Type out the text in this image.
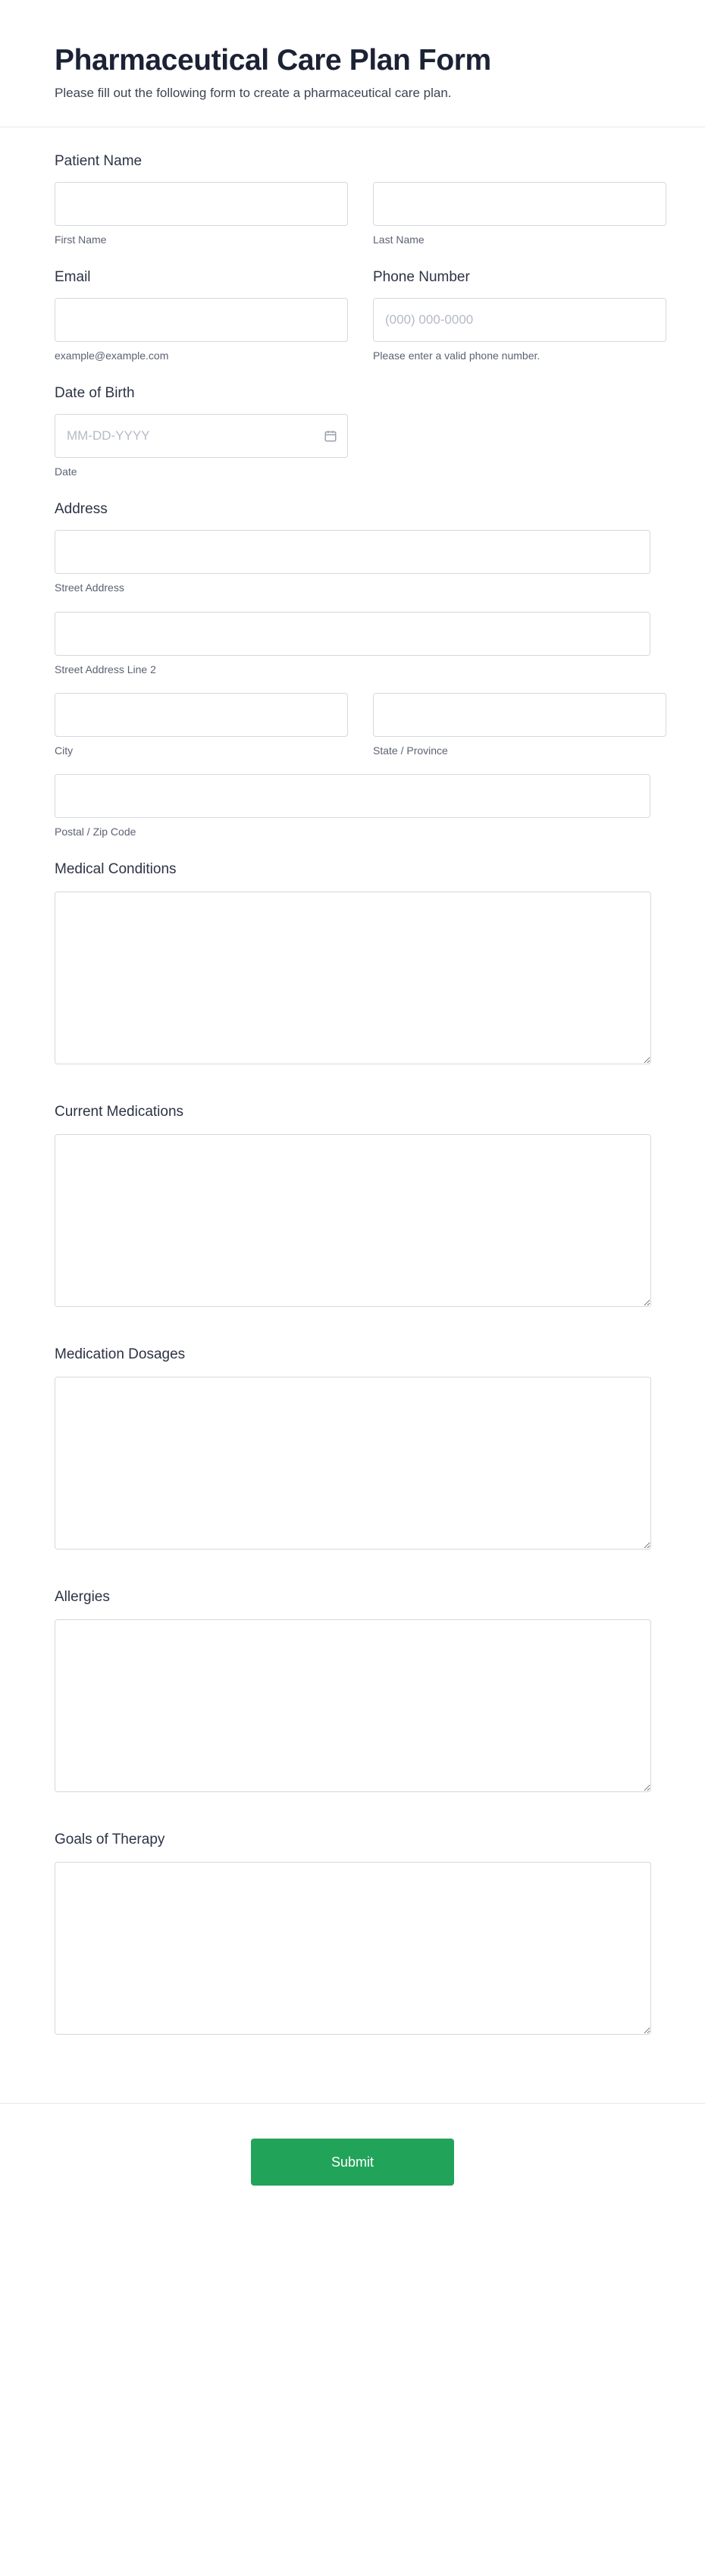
Pharmaceutical Care Plan Form

Please fill out the following form to create a pharmaceutical care plan.

Patient Name
First Name	Last Name
Email
example@example.com
Phone Number
(000) 000-0000
Please enter a valid phone number.
Date of Birth
MM-DD-YYYY
Date
Address
Street Address
Street Address Line 2
City	State / Province
Postal / Zip Code
Medical Conditions
Current Medications
Medication Dosages
Allergies
Goals of Therapy
Submit
